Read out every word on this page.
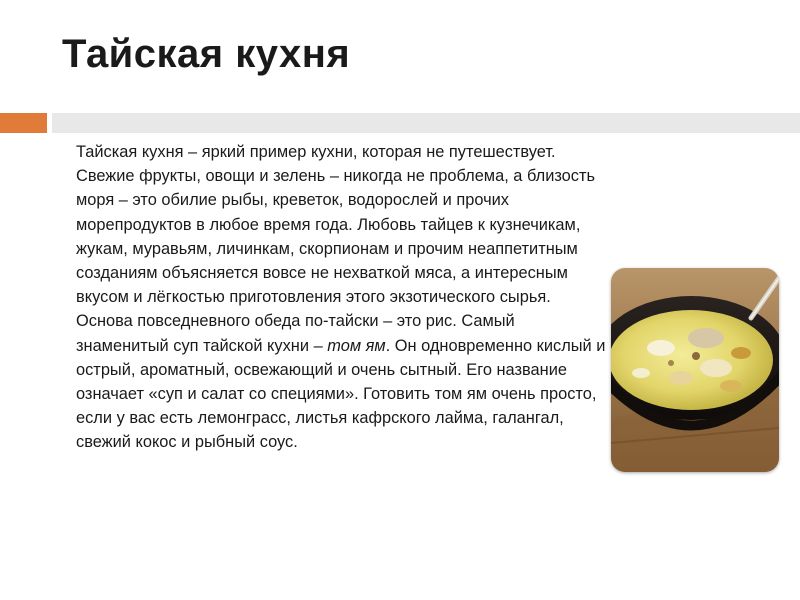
Тайская кухня

Тайская кухня – яркий пример кухни, которая не путешествует. Свежие фрукты, овощи и зелень – никогда не проблема, а близость моря – это обилие рыбы, креветок, водорослей и прочих морепродуктов в любое время года. Любовь тайцев к кузнечикам, жукам, муравьям, личинкам, скорпионам и прочим неаппетитным созданиям объясняется вовсе не нехваткой мяса, а интересным вкусом и лёгкостью приготовления этого экзотического сырья.

Основа повседневного обеда по-тайски – это рис. Самый знаменитый суп тайской кухни – том ям. Он одновременно кислый и острый, ароматный, освежающий и очень сытный. Его название означает «суп и салат со специями». Готовить том ям очень просто, если у вас есть лемонграсс, листья кафрского лайма, галангал, свежий кокос и рыбный соус.
